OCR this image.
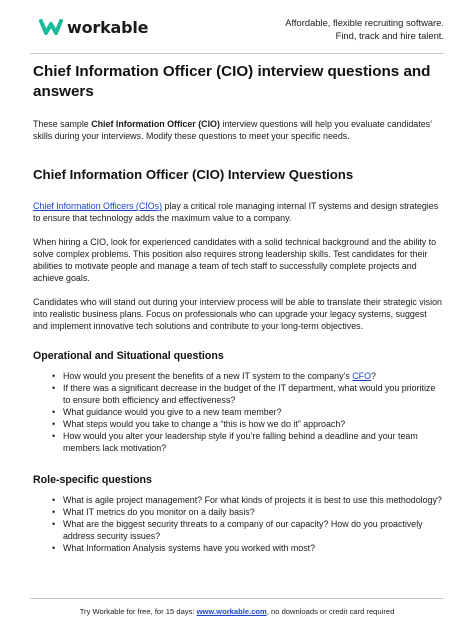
workable	Affordable, flexible recruiting software.
Find, track and hire talent.
Chief Information Officer (CIO) interview questions and answers

These sample Chief Information Officer (CIO) interview questions will help you evaluate candidates’ skills during your interviews. Modify these questions to meet your specific needs.

Chief Information Officer (CIO) Interview Questions

Chief Information Officers (CIOs) play a critical role managing internal IT systems and design strategies to ensure that technology adds the maximum value to a company.

When hiring a CIO, look for experienced candidates with a solid technical background and the ability to solve complex problems. This position also requires strong leadership skills. Test candidates for their abilities to motivate people and manage a team of tech staff to successfully complete projects and achieve goals.

Candidates who will stand out during your interview process will be able to translate their strategic vision into realistic business plans. Focus on professionals who can upgrade your legacy systems, suggest and implement innovative tech solutions and contribute to your long-term objectives.

Operational and Situational questions
• How would you present the benefits of a new IT system to the company’s CFO?
• If there was a significant decrease in the budget of the IT department, what would you prioritize to ensure both efficiency and effectiveness?
• What guidance would you give to a new team member?
• What steps would you take to change a “this is how we do it” approach?
• How would you alter your leadership style if you’re falling behind a deadline and your team members lack motivation?
Role-specific questions
• What is agile project management? For what kinds of projects it is best to use this methodology?
• What IT metrics do you monitor on a daily basis?
• What are the biggest security threats to a company of our capacity? How do you proactively address security issues?
• What Information Analysis systems have you worked with most?
Try Workable for free, for 15 days: www.workable.com, no downloads or credit card required
